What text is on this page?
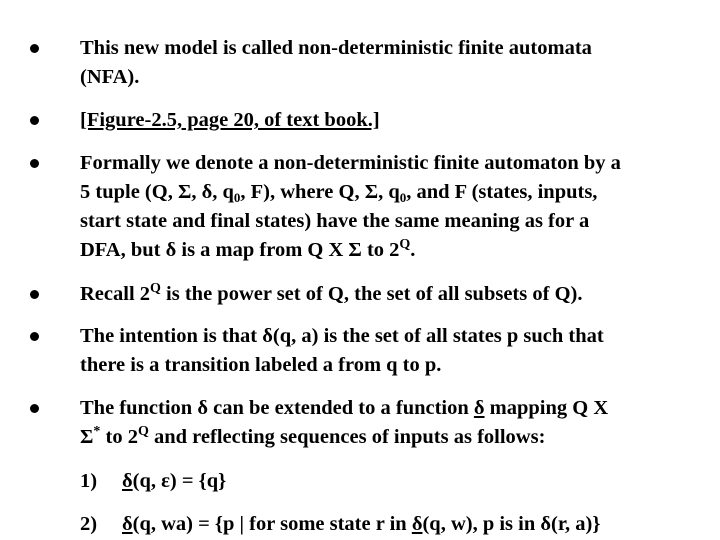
This new model is called non-deterministic finite automata
(NFA).
[Figure-2.5, page 20, of text book.]
Formally we denote a non-deterministic finite automaton by a
5 tuple (Q, Σ, δ, $q_0$, F), where Q, Σ, $q_0$, and F (states, inputs,
start state and final states) have the same meaning as for a
DFA, but δ is a map from Q X Σ to $2^Q$.
Recall $2^Q$ is the power set of Q, the set of all subsets of Q).
The intention is that δ(q, a) is the set of all states p such that
there is a transition labeled a from q to p.
The function δ can be extended to a function δ mapping Q X
Σ* to $2^Q$ and reflecting sequences of inputs as follows:
1) δ(q, ε) = {q}
2) δ(q, wa) = {p | for some state r in δ(q, w), p is in δ(r, a)}
